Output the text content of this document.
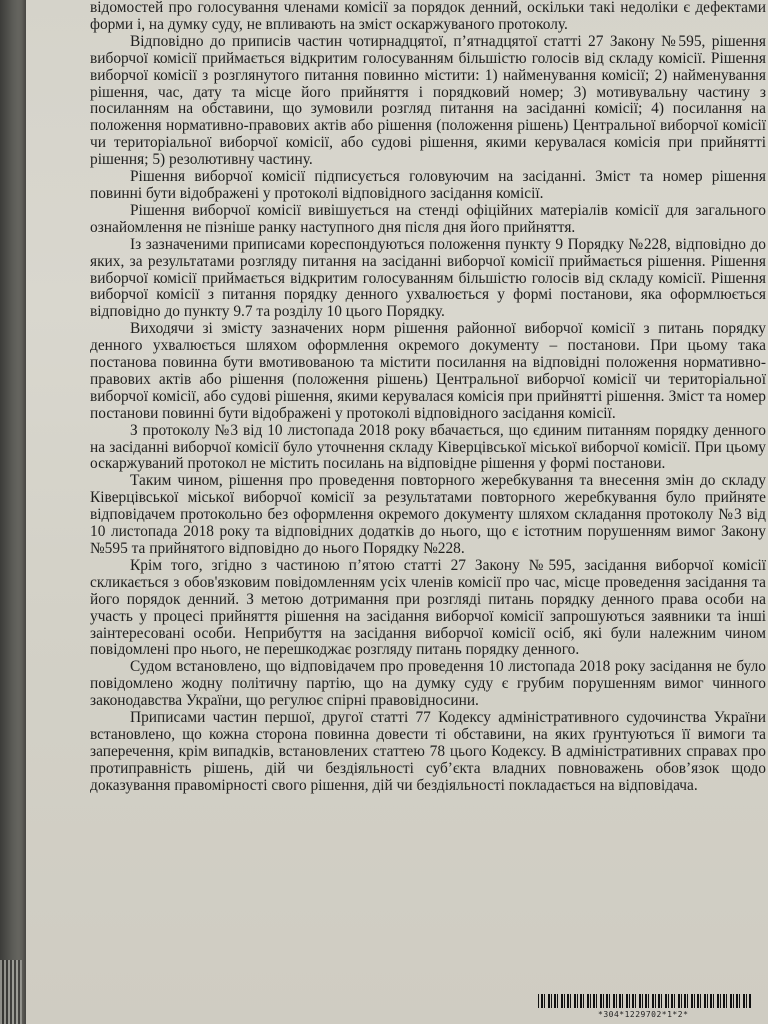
відомостей про голосування членами комісії за порядок денний, оскільки такі недоліки є дефектами форми і, на думку суду, не впливають на зміст оскаржуваного протоколу.

Відповідно до приписів частин чотирнадцятої, п’ятнадцятої статті 27 Закону №595, рішення виборчої комісії приймається відкритим голосуванням більшістю голосів від складу комісії. Рішення виборчої комісії з розглянутого питання повинно містити: 1) найменування комісії; 2) найменування рішення, час, дату та місце його прийняття і порядковий номер; 3) мотивувальну частину з посиланням на обставини, що зумовили розгляд питання на засіданні комісії; 4) посилання на положення нормативно-правових актів або рішення (положення рішень) Центральної виборчої комісії чи територіальної виборчої комісії, або судові рішення, якими керувалася комісія при прийнятті рішення; 5) резолютивну частину.

Рішення виборчої комісії підписується головуючим на засіданні. Зміст та номер рішення повинні бути відображені у протоколі відповідного засідання комісії.

Рішення виборчої комісії вивішується на стенді офіційних матеріалів комісії для загального ознайомлення не пізніше ранку наступного дня після дня його прийняття.

Із зазначеними приписами кореспондуються положення пункту 9 Порядку №228, відповідно до яких, за результатами розгляду питання на засіданні виборчої комісії приймається рішення. Рішення виборчої комісії приймається відкритим голосуванням більшістю голосів від складу комісії. Рішення виборчої комісії з питання порядку денного ухвалюється у формі постанови, яка оформлюється відповідно до пункту 9.7 та розділу 10 цього Порядку.

Виходячи зі змісту зазначених норм рішення районної виборчої комісії з питань порядку денного ухвалюється шляхом оформлення окремого документу – постанови. При цьому така постанова повинна бути вмотивованою та містити посилання на відповідні положення нормативно-правових актів або рішення (положення рішень) Центральної виборчої комісії чи територіальної виборчої комісії, або судові рішення, якими керувалася комісія при прийнятті рішення. Зміст та номер постанови повинні бути відображені у протоколі відповідного засідання комісії.

З протоколу №3 від 10 листопада 2018 року вбачається, що єдиним питанням порядку денного на засіданні виборчої комісії було уточнення складу Ківерцівської міської виборчої комісії. При цьому оскаржуваний протокол не містить посилань на відповідне рішення у формі постанови.

Таким чином, рішення про проведення повторного жеребкування та внесення змін до складу Ківерцівської міської виборчої комісії за результатами повторного жеребкування було прийняте відповідачем протокольно без оформлення окремого документу шляхом складання протоколу №3 від 10 листопада 2018 року та відповідних додатків до нього, що є істотним порушенням вимог Закону №595 та прийнятого відповідно до нього Порядку №228.

Крім того, згідно з частиною п’ятою статті 27 Закону №595, засідання виборчої комісії скликається з обов'язковим повідомленням усіх членів комісії про час, місце проведення засідання та його порядок денний. З метою дотримання при розгляді питань порядку денного права особи на участь у процесі прийняття рішення на засідання виборчої комісії запрошуються заявники та інші заінтересовані особи. Неприбуття на засідання виборчої комісії осіб, які були належним чином повідомлені про нього, не перешкоджає розгляду питань порядку денного.

Судом встановлено, що відповідачем про проведення 10 листопада 2018 року засідання не було повідомлено жодну політичну партію, що на думку суду є грубим порушенням вимог чинного законодавства України, що регулює спірні правовідносини.

Приписами частин першої, другої статті 77 Кодексу адміністративного судочинства України встановлено, що кожна сторона повинна довести ті обставини, на яких ґрунтуються її вимоги та заперечення, крім випадків, встановлених статтею 78 цього Кодексу. В адміністративних справах про протиправність рішень, дій чи бездіяльності суб’єкта владних повноважень обов’язок щодо доказування правомірності свого рішення, дій чи бездіяльності покладається на відповідача.

*304*1229702*1*2*
